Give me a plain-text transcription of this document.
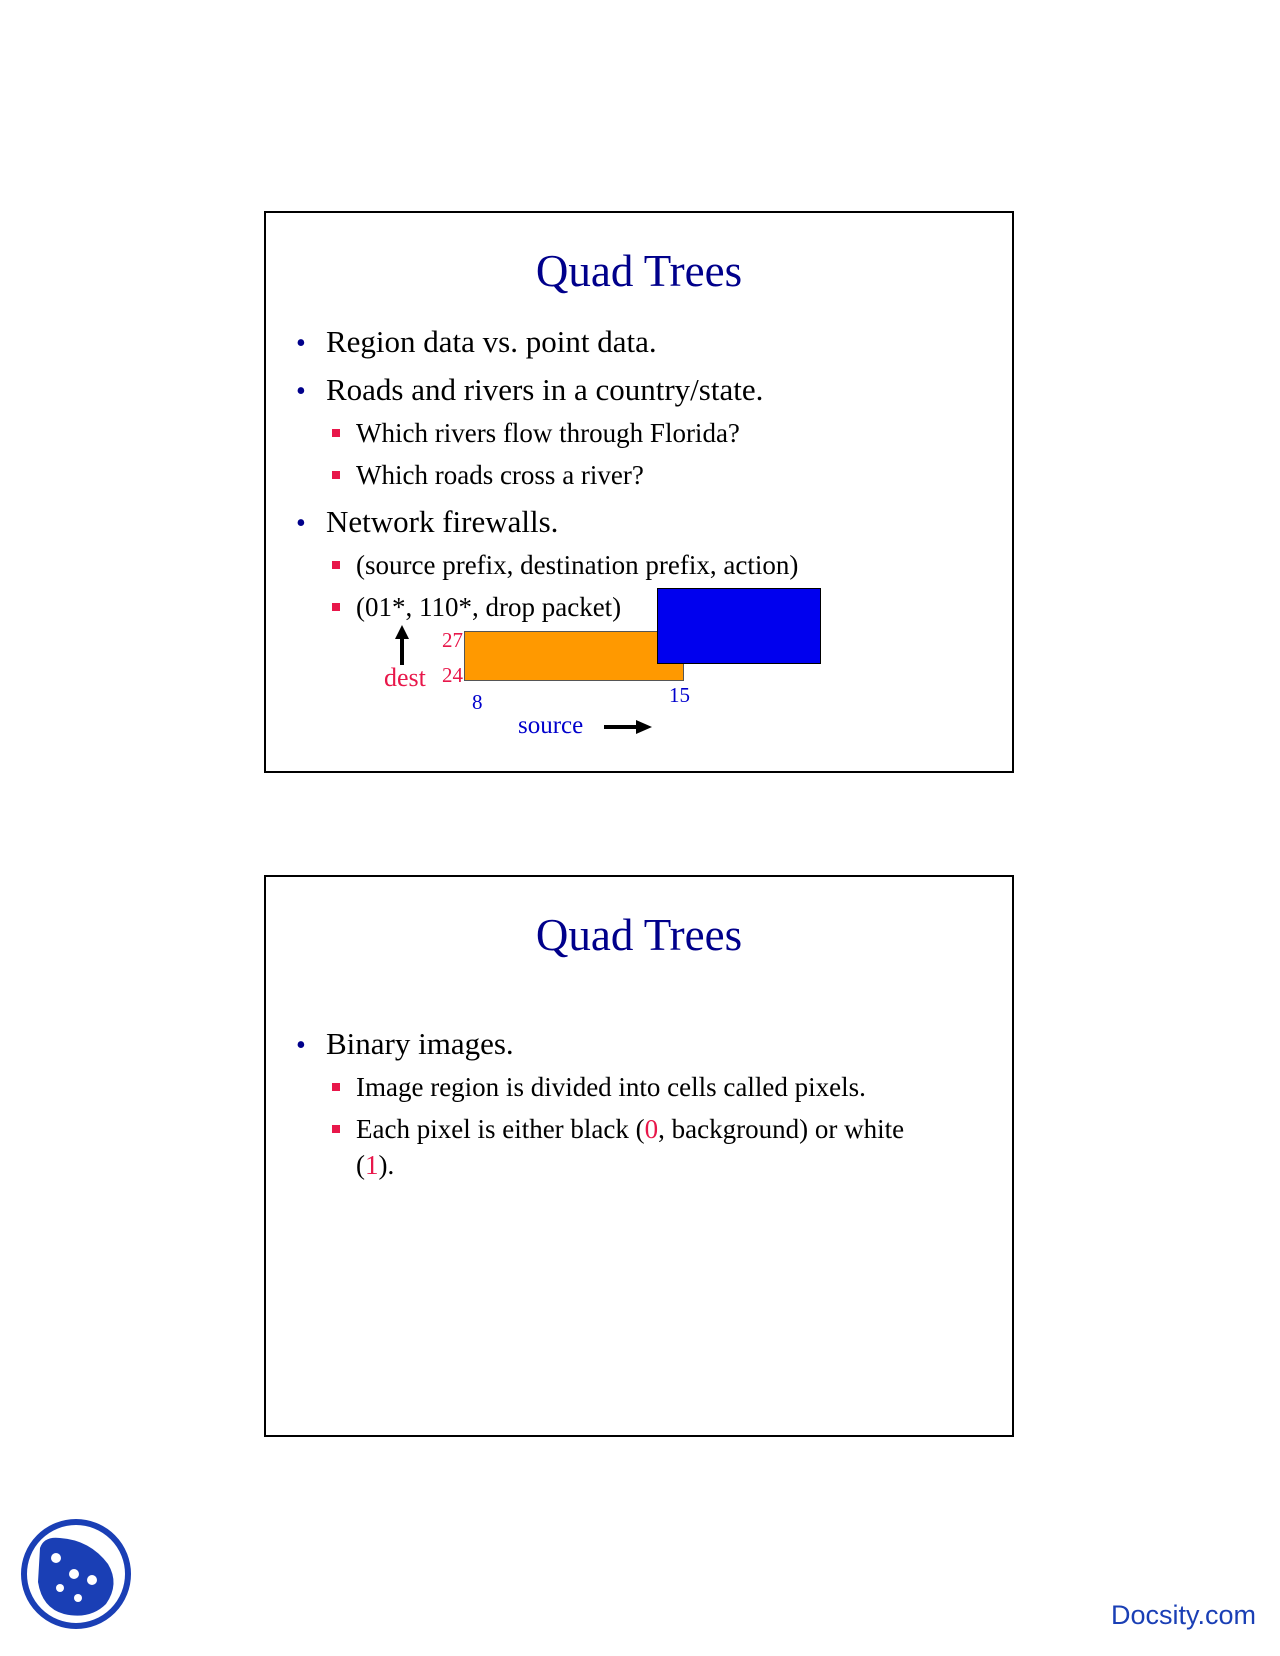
Quad Trees
• Region data vs. point data.
• Roads and rivers in a country/state.
Which rivers flow through Florida?
Which roads cross a river?
• Network firewalls.
(source prefix, destination prefix, action)
(01*, 110*, drop packet)
27
24
dest
8	15
source
Quad Trees
• Binary images.
Image region is divided into cells called pixels.
Each pixel is either black (0, background) or white
(1).
Docsity.com
